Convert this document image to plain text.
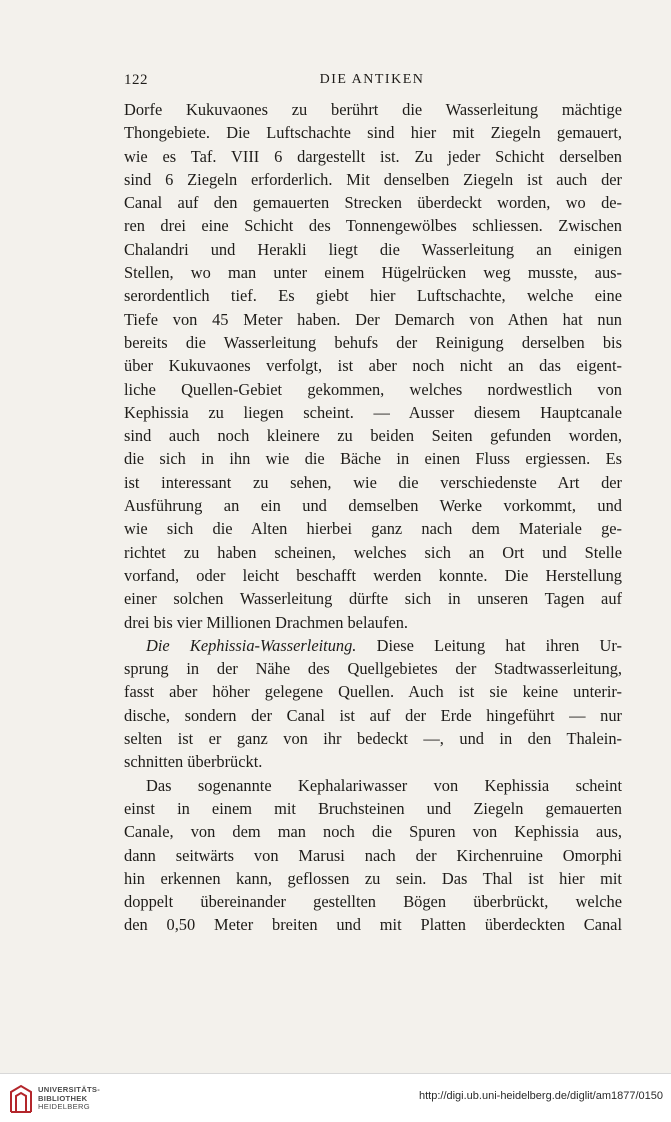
122	DIE ANTIKEN
Dorfe Kukuvaones zu berührt die Wasserleitung mächtige
Thongebiete. Die Luftschachte sind hier mit Ziegeln gemauert,
wie es Taf. VIII 6 dargestellt ist. Zu jeder Schicht derselben
sind 6 Ziegeln erforderlich. Mit denselben Ziegeln ist auch der
Canal auf den gemauerten Strecken überdeckt worden, wo de-
ren drei eine Schicht des Tonnengewölbes schliessen. Zwischen
Chalandri und Herakli liegt die Wasserleitung an einigen
Stellen, wo man unter einem Hügelrücken weg musste, aus-
serordentlich tief. Es giebt hier Luftschachte, welche eine
Tiefe von 45 Meter haben. Der Demarch von Athen hat nun
bereits die Wasserleitung behufs der Reinigung derselben bis
über Kukuvaones verfolgt, ist aber noch nicht an das eigent-
liche Quellen-Gebiet gekommen, welches nordwestlich von
Kephissia zu liegen scheint. — Ausser diesem Hauptcanale
sind auch noch kleinere zu beiden Seiten gefunden worden,
die sich in ihn wie die Bäche in einen Fluss ergiessen. Es
ist interessant zu sehen, wie die verschiedenste Art der
Ausführung an ein und demselben Werke vorkommt, und
wie sich die Alten hierbei ganz nach dem Materiale ge-
richtet zu haben scheinen, welches sich an Ort und Stelle
vorfand, oder leicht beschafft werden konnte. Die Herstellung
einer solchen Wasserleitung dürfte sich in unseren Tagen auf
drei bis vier Millionen Drachmen belaufen.
Die Kephissia-Wasserleitung. Diese Leitung hat ihren Ur-
sprung in der Nähe des Quellgebietes der Stadtwasserleitung,
fasst aber höher gelegene Quellen. Auch ist sie keine unterir-
dische, sondern der Canal ist auf der Erde hingeführt — nur
selten ist er ganz von ihr bedeckt —, und in den Thalein-
schnitten überbrückt.
Das sogenannte Kephalariwasser von Kephissia scheint
einst in einem mit Bruchsteinen und Ziegeln gemauerten
Canale, von dem man noch die Spuren von Kephissia aus,
dann seitwärts von Marusi nach der Kirchenruine Omorphi
hin erkennen kann, geflossen zu sein. Das Thal ist hier mit
doppelt übereinander gestellten Bögen überbrückt, welche
den 0,50 Meter breiten und mit Platten überdeckten Canal
UNIVERSITÄTS-
BIBLIOTHEK
HEIDELBERG
http://digi.ub.uni-heidelberg.de/diglit/am1877/0150
